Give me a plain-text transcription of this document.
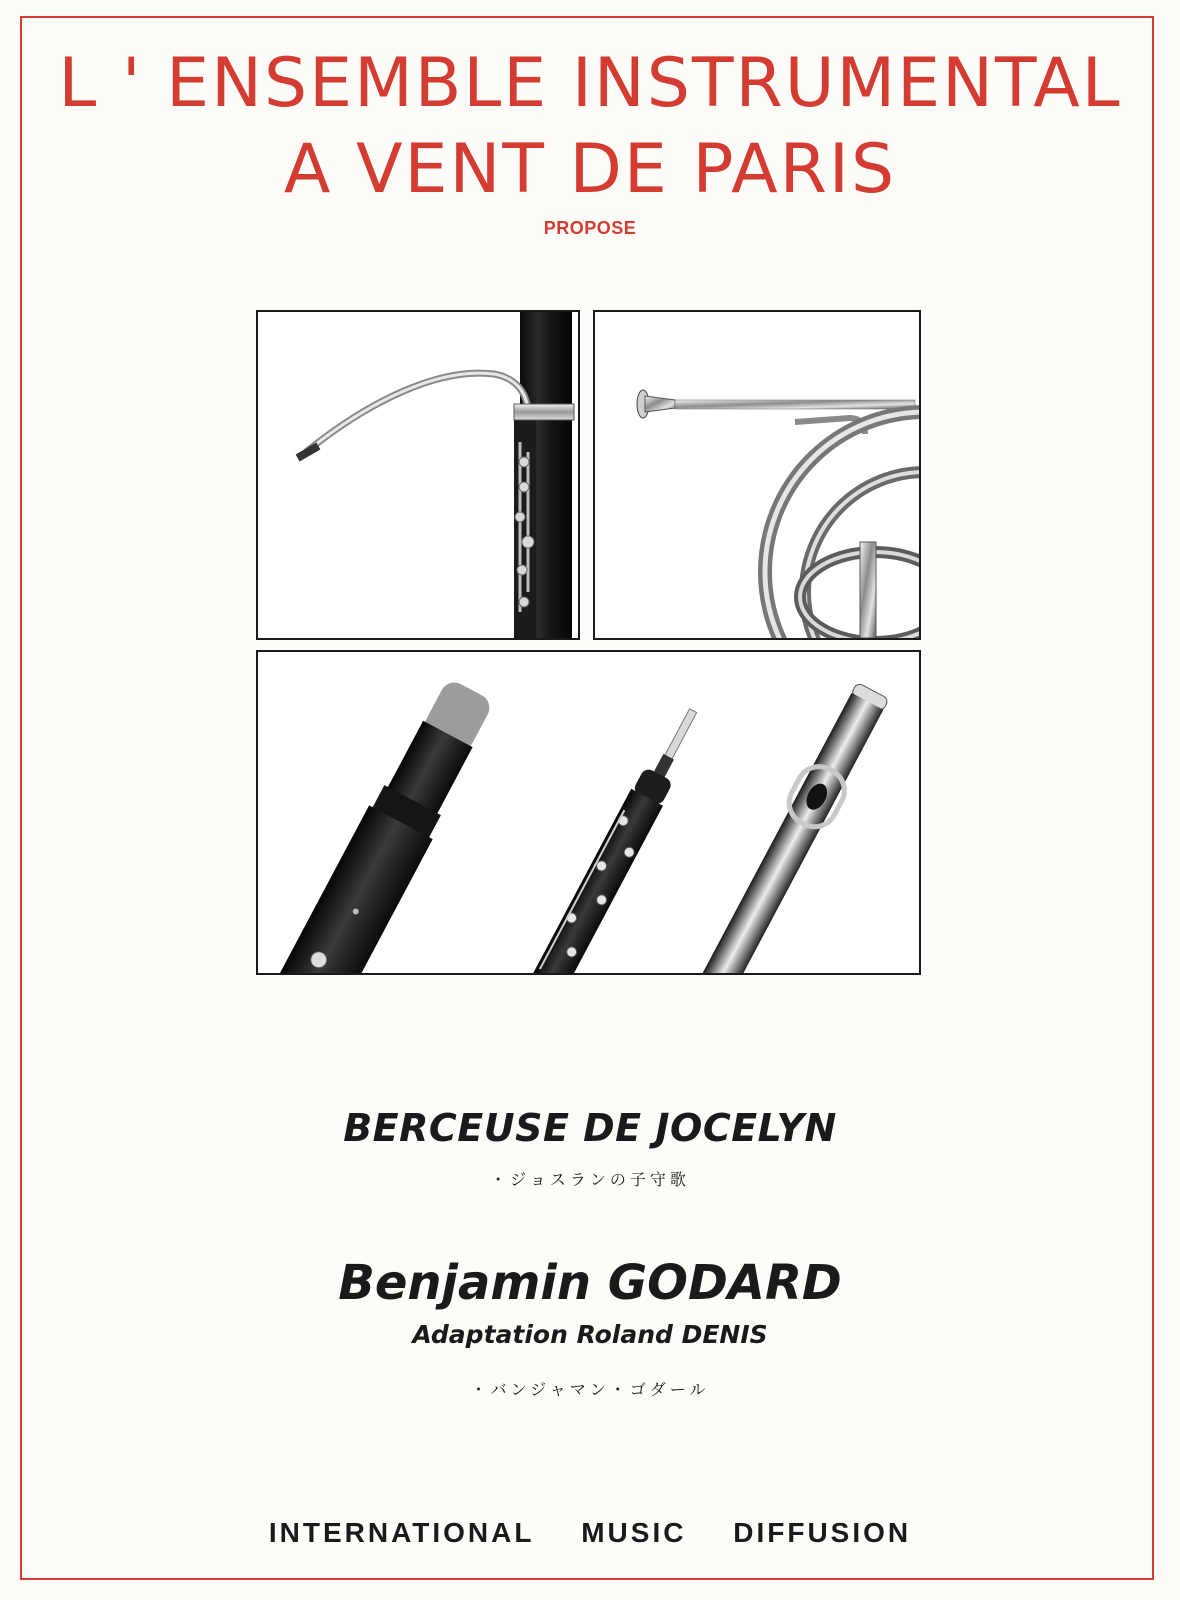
L ' ENSEMBLE INSTRUMENTAL
A VENT DE PARIS
PROPOSE
BERCEUSE DE JOCELYN
・ジョスランの子守歌
Benjamin GODARD
Adaptation Roland DENIS
・バンジャマン・ゴダール
INTERNATIONAL MUSIC DIFFUSION
